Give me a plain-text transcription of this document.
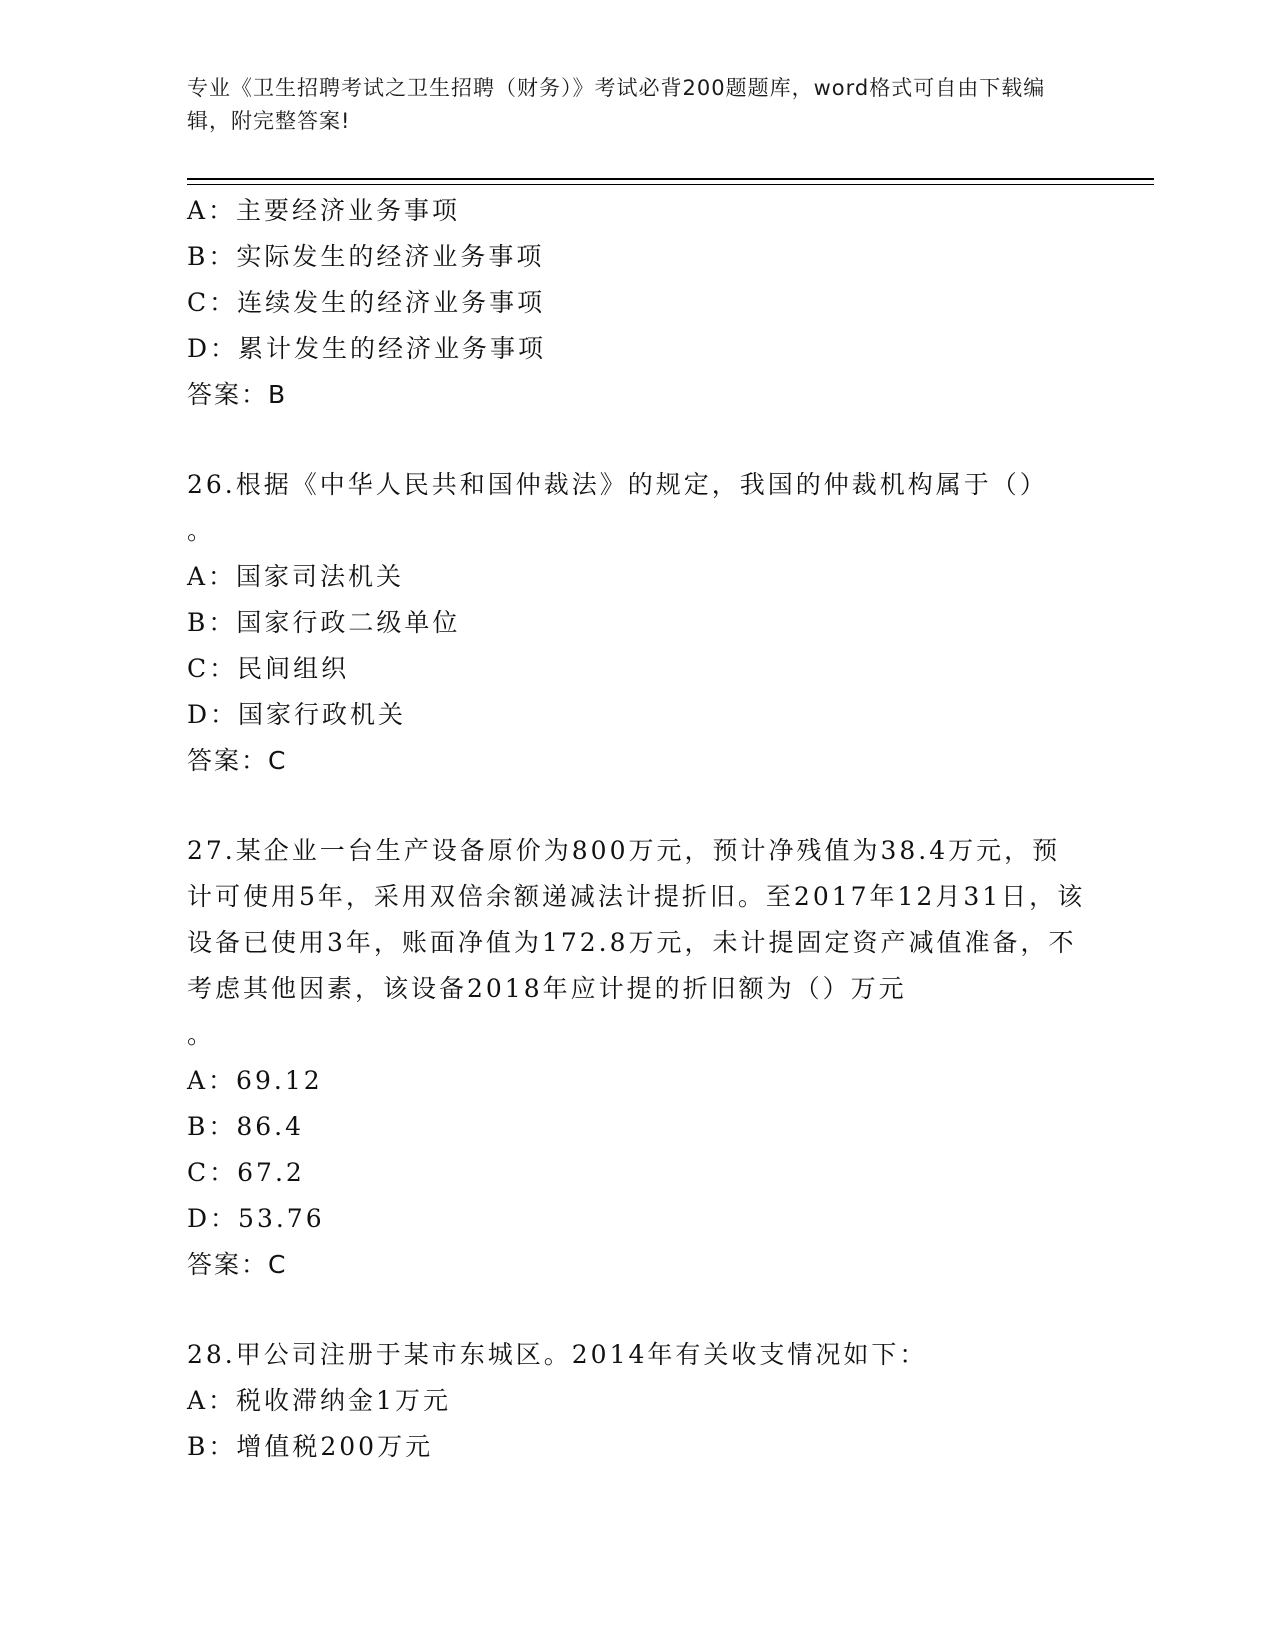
专业《卫生招聘考试之卫生招聘（财务）》考试必背200题题库，word格式可自由下载编辑，附完整答案!

A：主要经济业务事项

B：实际发生的经济业务事项

C：连续发生的经济业务事项

D：累计发生的经济业务事项

答案：B

26.根据《中华人民共和国仲裁法》的规定，我国的仲裁机构属于（）

。

A：国家司法机关

B：国家行政二级单位

C：民间组织

D：国家行政机关

答案：C

27.某企业一台生产设备原价为800万元，预计净残值为38.4万元，预计可使用5年，采用双倍余额递减法计提折旧。至2017年12月31日，该设备已使用3年，账面净值为172.8万元，未计提固定资产减值准备，不考虑其他因素，该设备2018年应计提的折旧额为（）万元

。

A：69.12

B：86.4

C：67.2

D：53.76

答案：C

28.甲公司注册于某市东城区。2014年有关收支情况如下：

A：税收滞纳金1万元

B：增值税200万元
